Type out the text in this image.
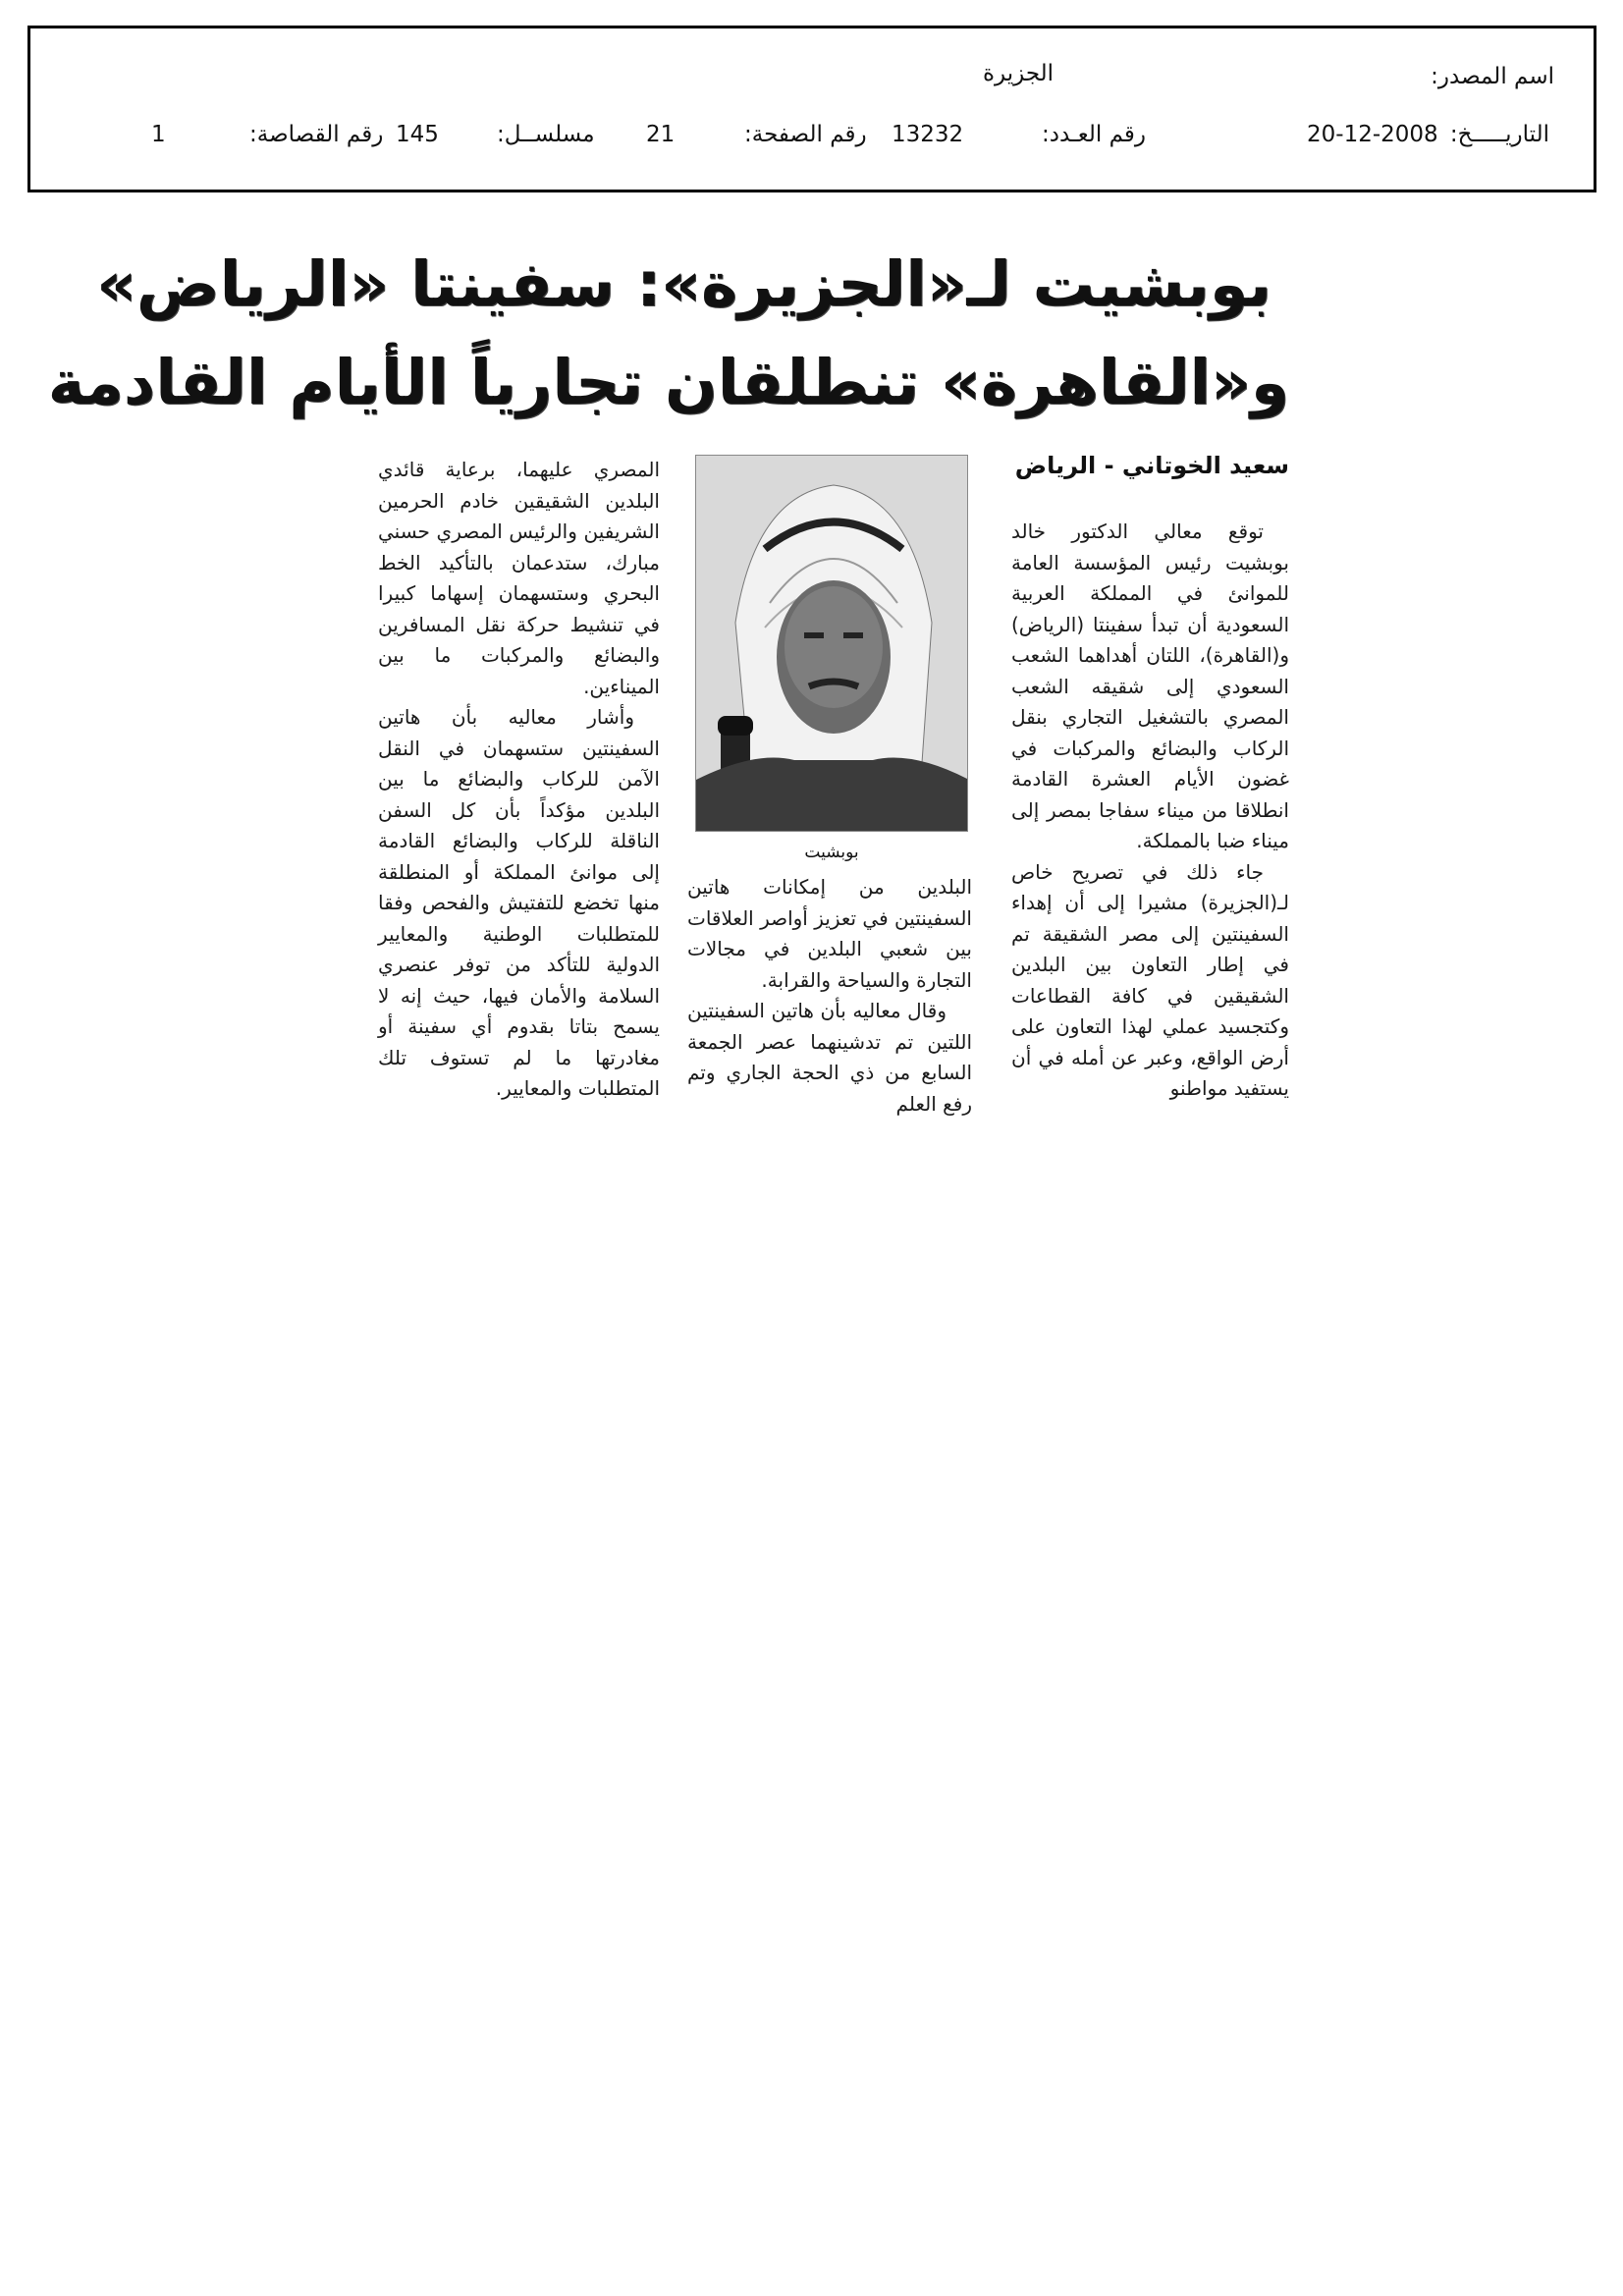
اسم المصدر:
الجزيرة
التاريـــــخ:
20-12-2008
رقم العـدد:
13232
رقم الصفحة:
21
مسلســل:
145
رقم القصاصة:
1
بوبشيت لـ«الجزيرة»: سفينتا «الرياض»
و«القاهرة» تنطلقان تجارياً الأيام القادمة
سعيد الخوتاني - الرياض

توقع معالي الدكتور خالد بوبشيت رئيس المؤسسة العامة للموانئ في المملكة العربية السعودية أن تبدأ سفينتا (الرياض) و(القاهرة)، اللتان أهداهما الشعب السعودي إلى شقيقه الشعب المصري بالتشغيل التجاري بنقل الركاب والبضائع والمركبات في غضون الأيام العشرة القادمة انطلاقا من ميناء سفاجا بمصر إلى ميناء ضبا بالمملكة.

جاء ذلك في تصريح خاص لـ(الجزيرة) مشيرا إلى أن إهداء السفينتين إلى مصر الشقيقة تم في إطار التعاون بين البلدين الشقيقين في كافة القطاعات وكتجسيد عملي لهذا التعاون على أرض الواقع، وعبر عن أمله في أن يستفيد مواطنو

بوبشيت

البلدين من إمكانات هاتين السفينتين في تعزيز أواصر العلاقات بين شعبي البلدين في مجالات التجارة والسياحة والقرابة.

وقال معاليه بأن هاتين السفينتين اللتين تم تدشينهما عصر الجمعة السابع من ذي الحجة الجاري وتم رفع العلم

المصري عليهما، برعاية قائدي البلدين الشقيقين خادم الحرمين الشريفين والرئيس المصري حسني مبارك، ستدعمان بالتأكيد الخط البحري وستسهمان إسهاما كبيرا في تنشيط حركة نقل المسافرين والبضائع والمركبات ما بين الميناءين.

وأشار معاليه بأن هاتين السفينتين ستسهمان في النقل الآمن للركاب والبضائع ما بين البلدين مؤكداً بأن كل السفن الناقلة للركاب والبضائع القادمة إلى موانئ المملكة أو المنطلقة منها تخضع للتفتيش والفحص وفقا للمتطلبات الوطنية والمعايير الدولية للتأكد من توفر عنصري السلامة والأمان فيها، حيث إنه لا يسمح بتاتا بقدوم أي سفينة أو مغادرتها ما لم تستوف تلك المتطلبات والمعايير.
